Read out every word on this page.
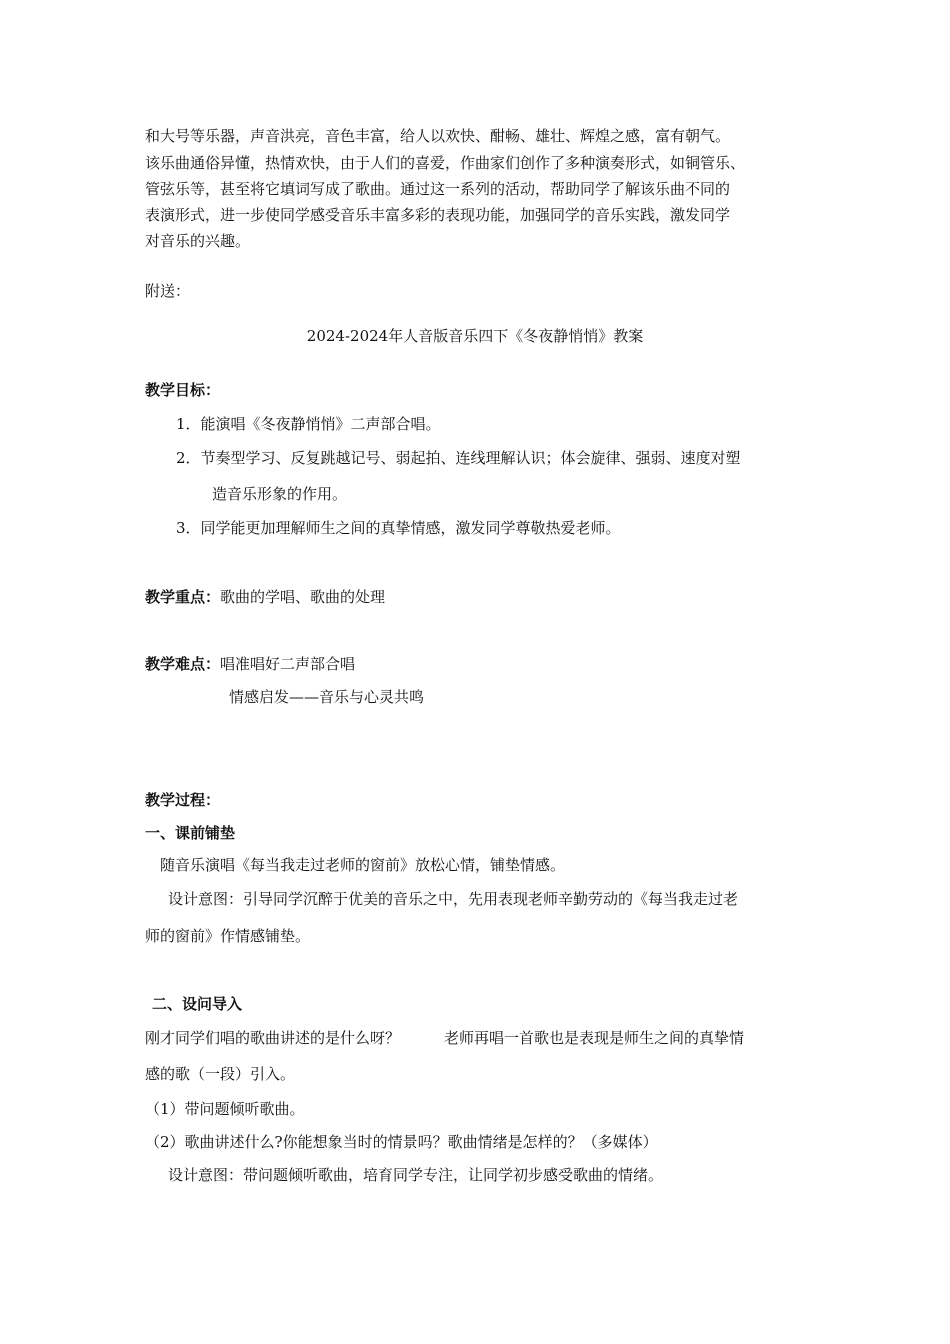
和大号等乐器，声音洪亮，音色丰富，给人以欢快、酣畅、雄壮、辉煌之感，富有朝气。
该乐曲通俗异懂，热情欢快，由于人们的喜爱，作曲家们创作了多种演奏形式，如铜管乐、
管弦乐等，甚至将它填词写成了歌曲。通过这一系列的活动，帮助同学了解该乐曲不同的
表演形式，进一步使同学感受音乐丰富多彩的表现功能，加强同学的音乐实践，激发同学
对音乐的兴趣。
附送：
2024-2024年人音版音乐四下《冬夜静悄悄》教案
教学目标：
1．能演唱《冬夜静悄悄》二声部合唱。
2．节奏型学习、反复跳越记号、弱起拍、连线理解认识；体会旋律、强弱、速度对塑
造音乐形象的作用。
3．同学能更加理解师生之间的真挚情感，激发同学尊敬热爱老师。
教学重点：歌曲的学唱、歌曲的处理
教学难点：唱准唱好二声部合唱
情感启发——音乐与心灵共鸣
教学过程：
一、课前铺垫
随音乐演唱《每当我走过老师的窗前》放松心情，铺垫情感。
设计意图：引导同学沉醉于优美的音乐之中，先用表现老师辛勤劳动的《每当我走过老
师的窗前》作情感铺垫。
二、设问导入
刚才同学们唱的歌曲讲述的是什么呀？	老师再唱一首歌也是表现是师生之间的真挚情
感的歌（一段）引入。
（1）带问题倾听歌曲。
（2）歌曲讲述什么?你能想象当时的情景吗？歌曲情绪是怎样的？（多媒体）
设计意图：带问题倾听歌曲，培育同学专注，让同学初步感受歌曲的情绪。
